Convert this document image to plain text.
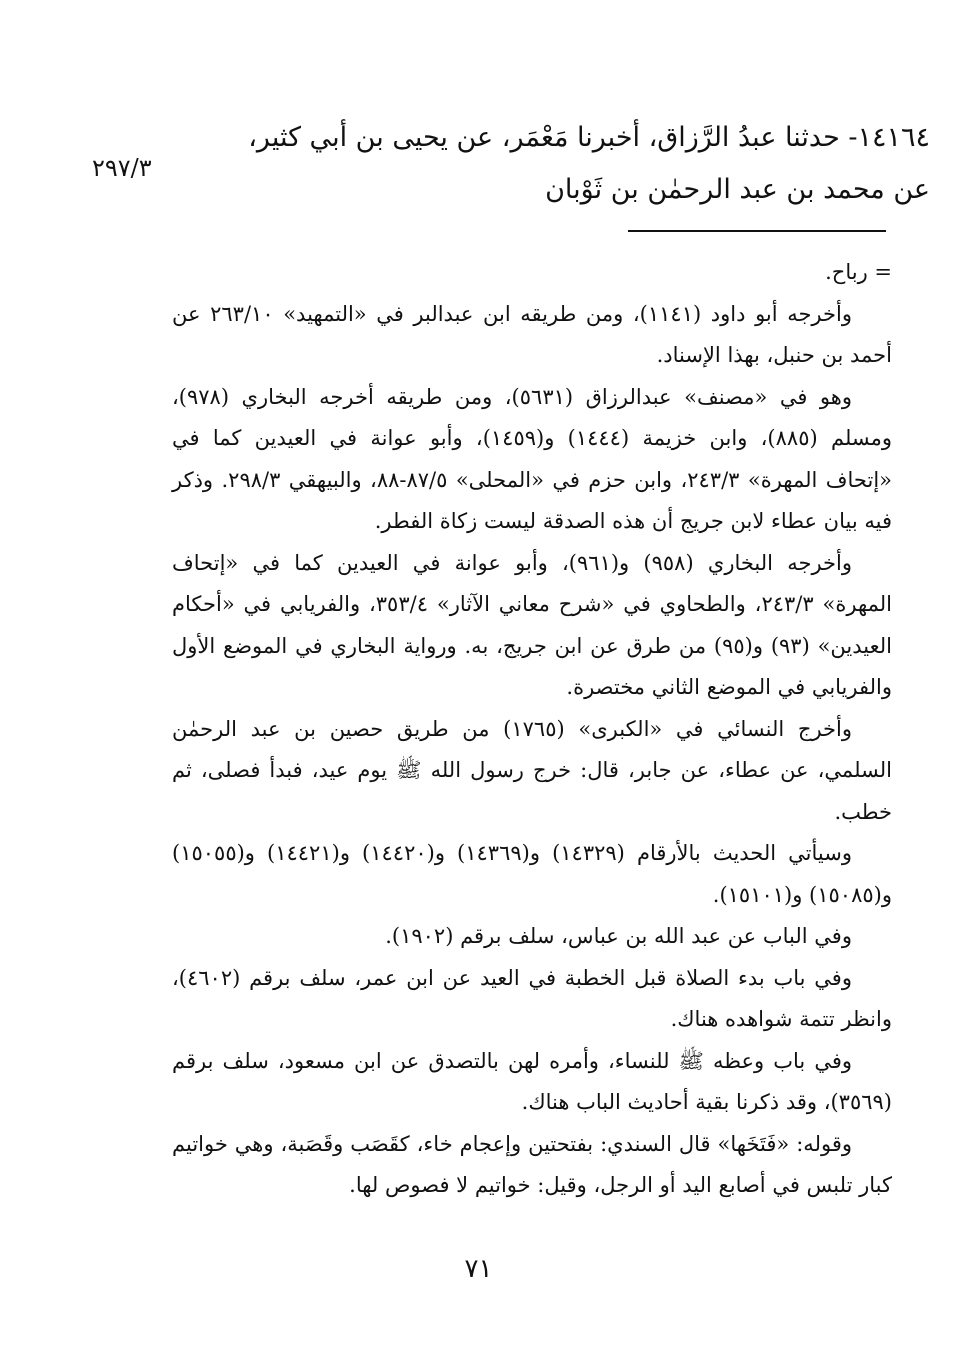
١٤١٦٤- حدثنا عبدُ الرَّزاق، أخبرنا مَعْمَر، عن يحيى بن أبي كثير،
عن محمد بن عبد الرحمٰن بن ثَوْبان
٢٩٧/٣

= رباح.

وأخرجه أبو داود (١١٤١)، ومن طريقه ابن عبدالبر في «التمهيد» ٢٦٣/١٠ عن أحمد بن حنبل، بهذا الإسناد.

وهو في «مصنف» عبدالرزاق (٥٦٣١)، ومن طريقه أخرجه البخاري (٩٧٨)، ومسلم (٨٨٥)، وابن خزيمة (١٤٤٤) و(١٤٥٩)، وأبو عوانة في العيدين كما في «إتحاف المهرة» ٢٤٣/٣، وابن حزم في «المحلى» ٨٧/٥-٨٨، والبيهقي ٢٩٨/٣. وذكر فيه بيان عطاء لابن جريج أن هذه الصدقة ليست زكاة الفطر.

وأخرجه البخاري (٩٥٨) و(٩٦١)، وأبو عوانة في العيدين كما في «إتحاف المهرة» ٢٤٣/٣، والطحاوي في «شرح معاني الآثار» ٣٥٣/٤، والفريابي في «أحكام العيدين» (٩٣) و(٩٥) من طرق عن ابن جريج، به. ورواية البخاري في الموضع الأول والفريابي في الموضع الثاني مختصرة.

وأخرج النسائي في «الكبرى» (١٧٦٥) من طريق حصين بن عبد الرحمٰن السلمي، عن عطاء، عن جابر، قال: خرج رسول الله ﷺ يوم عيد، فبدأ فصلى، ثم خطب.

وسيأتي الحديث بالأرقام (١٤٣٢٩) و(١٤٣٦٩) و(١٤٤٢٠) و(١٤٤٢١) و(١٥٠٥٥) و(١٥٠٨٥) و(١٥١٠١).

وفي الباب عن عبد الله بن عباس، سلف برقم (١٩٠٢).

وفي باب بدء الصلاة قبل الخطبة في العيد عن ابن عمر، سلف برقم (٤٦٠٢)، وانظر تتمة شواهده هناك.

وفي باب وعظه ﷺ للنساء، وأمره لهن بالتصدق عن ابن مسعود، سلف برقم (٣٥٦٩)، وقد ذكرنا بقية أحاديث الباب هناك.

وقوله: «فَتَخَها» قال السندي: بفتحتين وإعجام خاء، كقَصَب وقَصَبة، وهي خواتيم كبار تلبس في أصابع اليد أو الرجل، وقيل: خواتيم لا فصوص لها.

٧١
